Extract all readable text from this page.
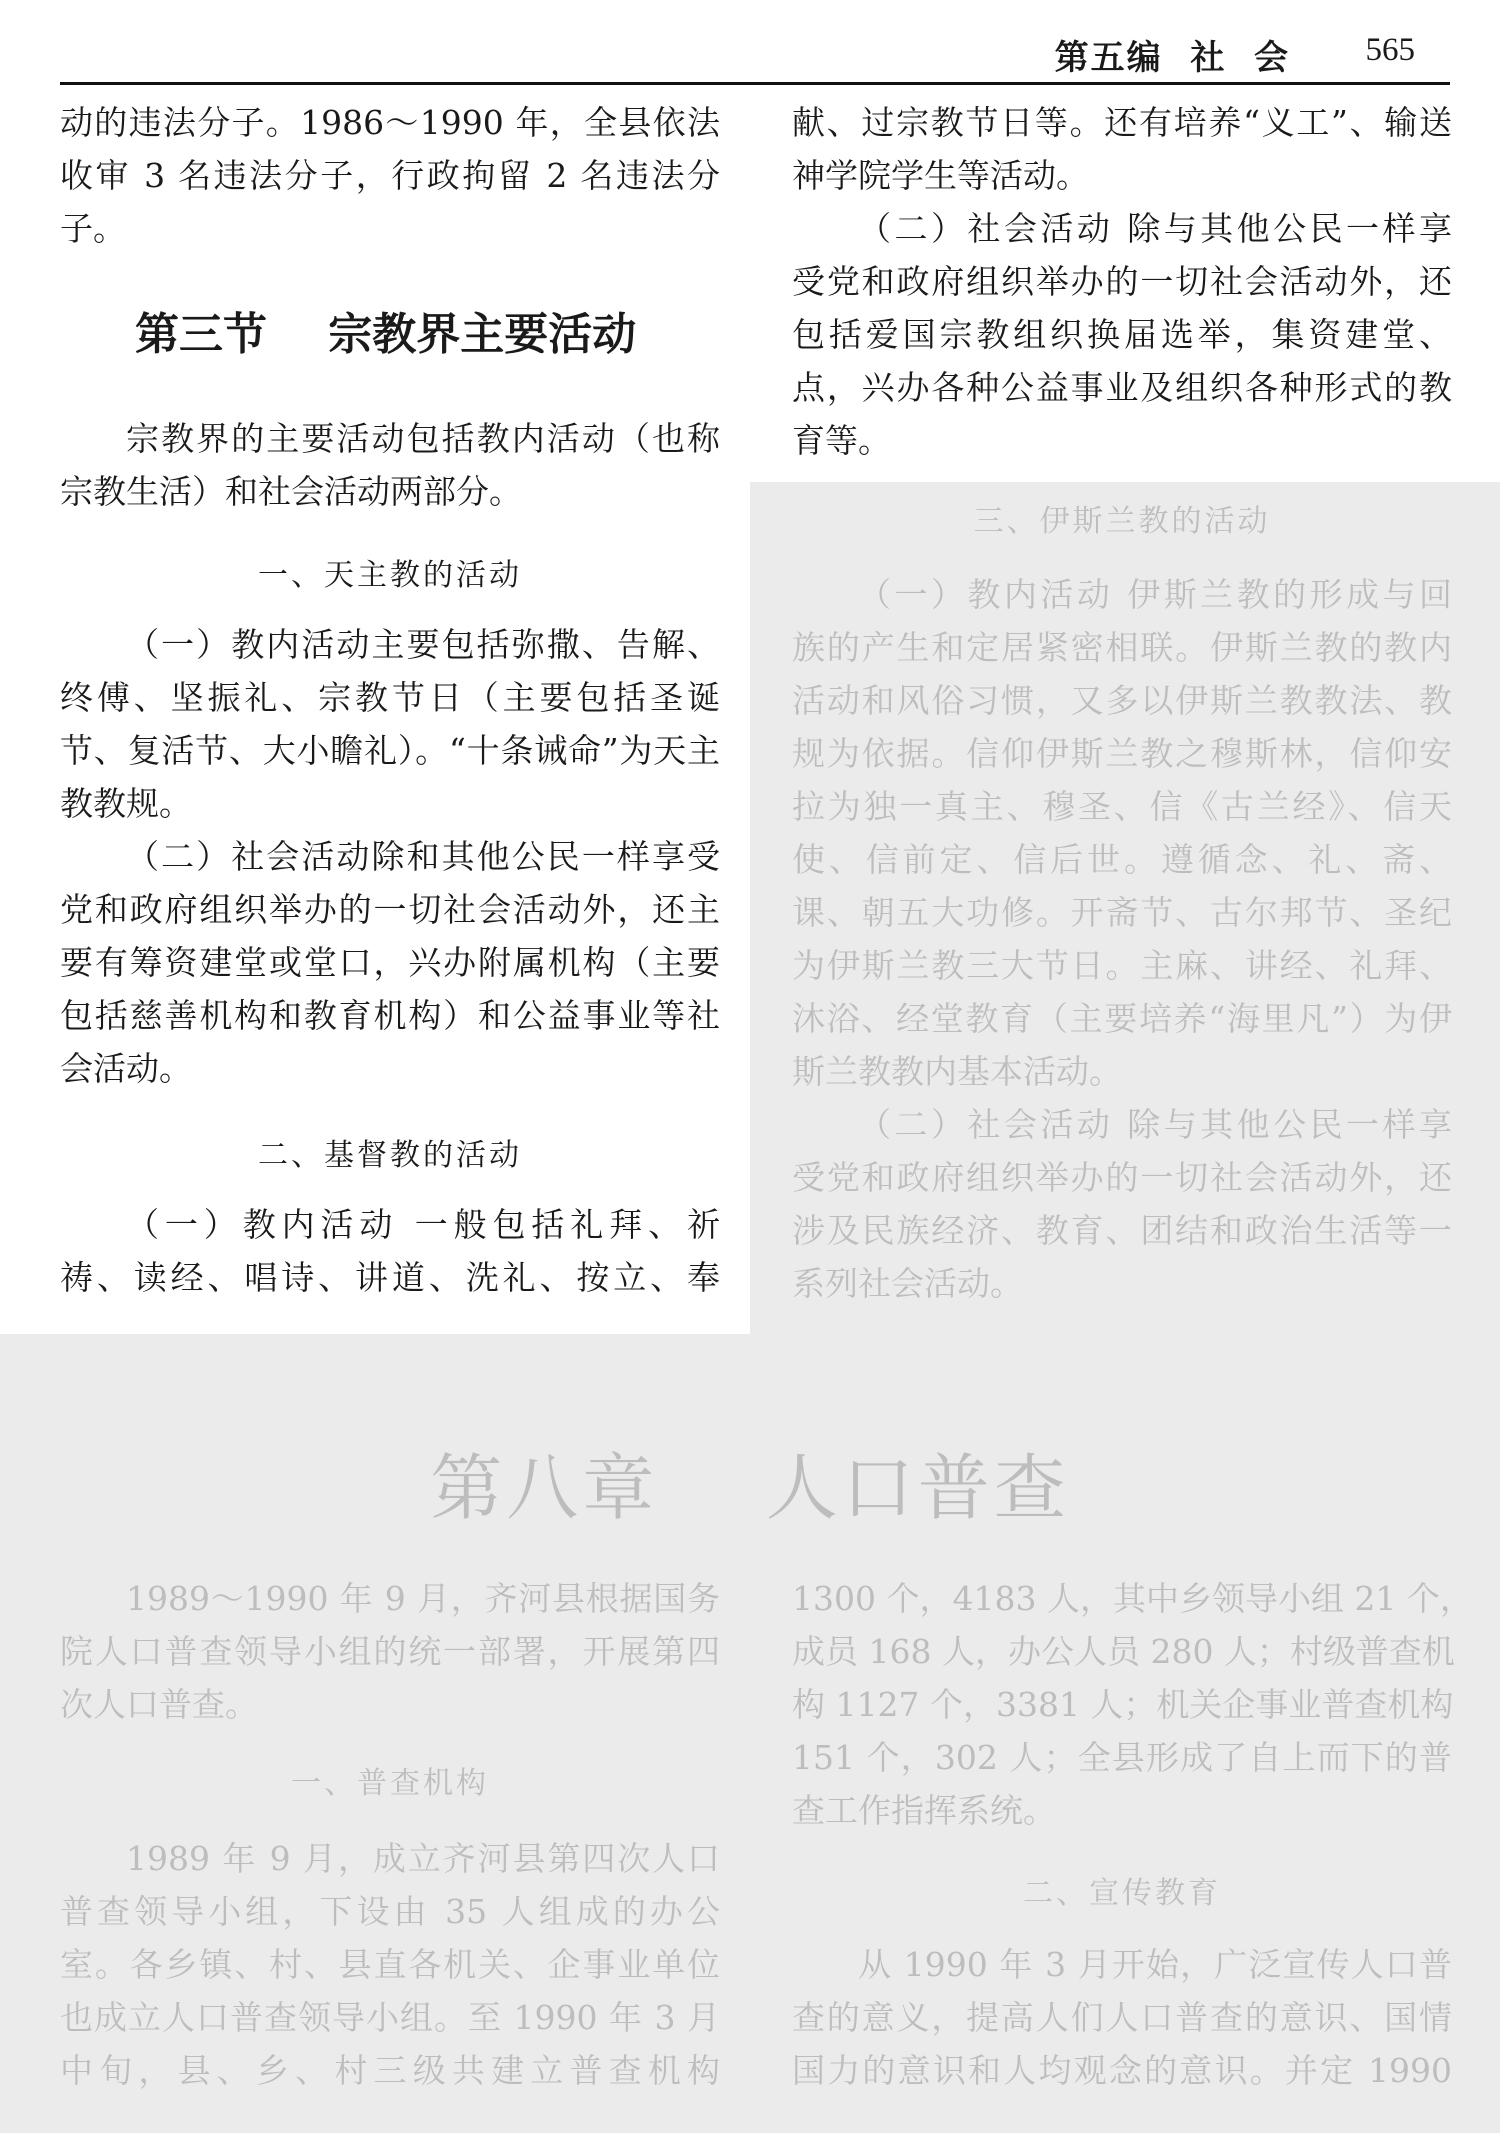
第五编  社  会 565

动的违法分子。1986～1990 年，全县依法

收审 3 名违法分子，行政拘留 2 名违法分

子。

第三节    宗教界主要活动

宗教界的主要活动包括教内活动（也称

宗教生活）和社会活动两部分。

一、天主教的活动

（一）教内活动主要包括弥撒、告解、

终傅、坚振礼、宗教节日（主要包括圣诞

节、复活节、大小瞻礼）。“十条诫命”为天主

教教规。

（二）社会活动除和其他公民一样享受

党和政府组织举办的一切社会活动外，还主

要有筹资建堂或堂口，兴办附属机构（主要

包括慈善机构和教育机构）和公益事业等社

会活动。

二、基督教的活动

（一）教内活动 一般包括礼拜、祈

祷、读经、唱诗、讲道、洗礼、按立、奉

献、过宗教节日等。还有培养“义工”、输送

神学院学生等活动。

（二）社会活动 除与其他公民一样享

受党和政府组织举办的一切社会活动外，还

包括爱国宗教组织换届选举，集资建堂、

点，兴办各种公益事业及组织各种形式的教

育等。

三、伊斯兰教的活动

（一）教内活动 伊斯兰教的形成与回

族的产生和定居紧密相联。伊斯兰教的教内

活动和风俗习惯，又多以伊斯兰教教法、教

规为依据。信仰伊斯兰教之穆斯林，信仰安

拉为独一真主、穆圣、信《古兰经》、信天

使、信前定、信后世。遵循念、礼、斋、

课、朝五大功修。开斋节、古尔邦节、圣纪

为伊斯兰教三大节日。主麻、讲经、礼拜、

沐浴、经堂教育（主要培养“海里凡”）为伊

斯兰教教内基本活动。

（二）社会活动 除与其他公民一样享

受党和政府组织举办的一切社会活动外，还

涉及民族经济、教育、团结和政治生活等一

系列社会活动。

第八章    人口普查

1989～1990 年 9 月，齐河县根据国务

院人口普查领导小组的统一部署，开展第四

次人口普查。

一、普查机构

1989 年 9 月，成立齐河县第四次人口

普查领导小组，下设由 35 人组成的办公

室。各乡镇、村、县直各机关、企事业单位

也成立人口普查领导小组。至 1990 年 3 月

中旬，县、乡、村三级共建立普查机构

1300 个，4183 人，其中乡领导小组 21 个，

成员 168 人，办公人员 280 人；村级普查机

构 1127 个，3381 人；机关企事业普查机构

151 个，302 人；全县形成了自上而下的普

查工作指挥系统。

二、宣传教育

从 1990 年 3 月开始，广泛宣传人口普

查的意义，提高人们人口普查的意识、国情

国力的意识和人均观念的意识。并定 1990
